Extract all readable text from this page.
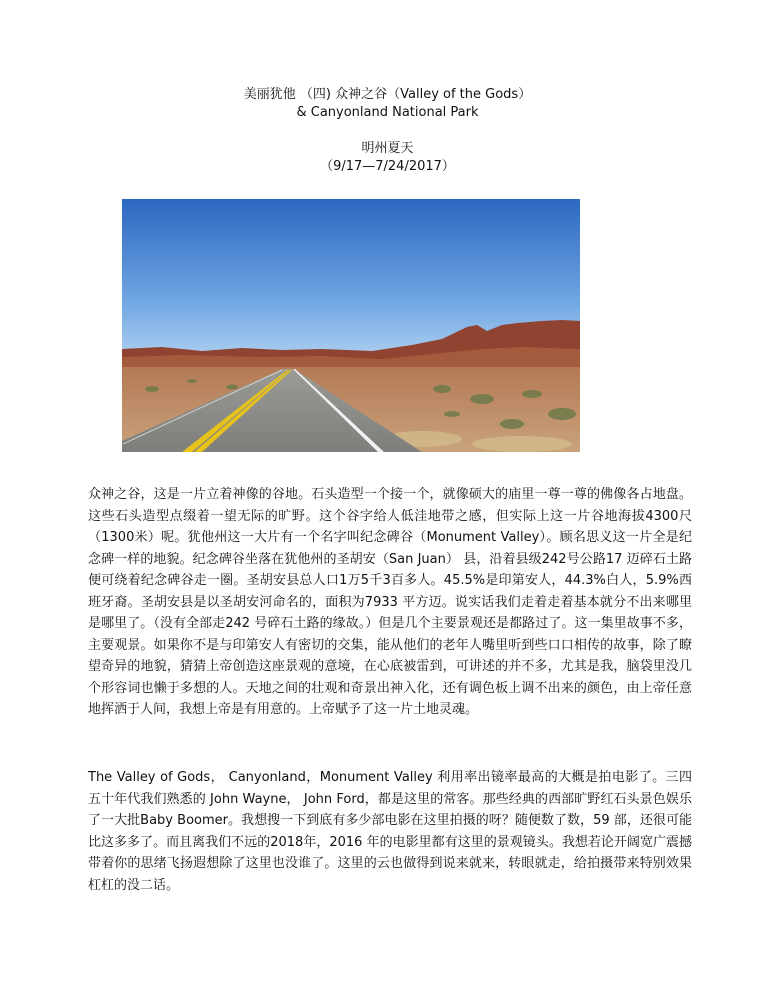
美丽犹他 （四) 众神之谷（Valley of the Gods）
& Canyonland National Park
明州夏天
（9/17—7/24/2017）

众神之谷，这是一片立着神像的谷地。石头造型一个接一个，就像硕大的庙里一尊一尊的佛像各占地盘。这些石头造型点缀着一望无际的旷野。这个谷字给人低洼地带之感，但实际上这一片谷地海拔4300尺（1300米）呢。犹他州这一大片有一个名字叫纪念碑谷（Monument Valley）。顾名思义这一片全是纪念碑一样的地貌。纪念碑谷坐落在犹他州的圣胡安（San Juan） 县，沿着县级242号公路17 迈碎石土路便可绕着纪念碑谷走一圈。圣胡安县总人口1万5千3百多人。45.5%是印第安人，44.3%白人，5.9%西班牙裔。圣胡安县是以圣胡安河命名的，面积为7933 平方迈。说实话我们走着走着基本就分不出来哪里是哪里了。（没有全部走242 号碎石土路的缘故。）但是几个主要景观还是都路过了。这一集里故事不多，主要观景。如果你不是与印第安人有密切的交集，能从他们的老年人嘴里听到些口口相传的故事，除了瞭望奇异的地貌，猜猜上帝创造这座景观的意境，在心底被雷到，可讲述的并不多，尤其是我，脑袋里没几个形容词也懒于多想的人。天地之间的壮观和奇景出神入化，还有调色板上调不出来的颜色，由上帝任意地挥洒于人间，我想上帝是有用意的。上帝赋予了这一片土地灵魂。

The Valley of Gods， Canyonland，Monument Valley 利用率出镜率最高的大概是拍电影了。三四五十年代我们熟悉的 John Wayne， John Ford，都是这里的常客。那些经典的西部旷野红石头景色娱乐了一大批Baby Boomer。我想搜一下到底有多少部电影在这里拍摄的呀？随便数了数，59 部，还很可能比这多多了。而且离我们不远的2018年，2016 年的电影里都有这里的景观镜头。我想若论开阔宽广震撼带着你的思绪飞扬遐想除了这里也没谁了。这里的云也做得到说来就来，转眼就走，给拍摄带来特别效果杠杠的没二话。
